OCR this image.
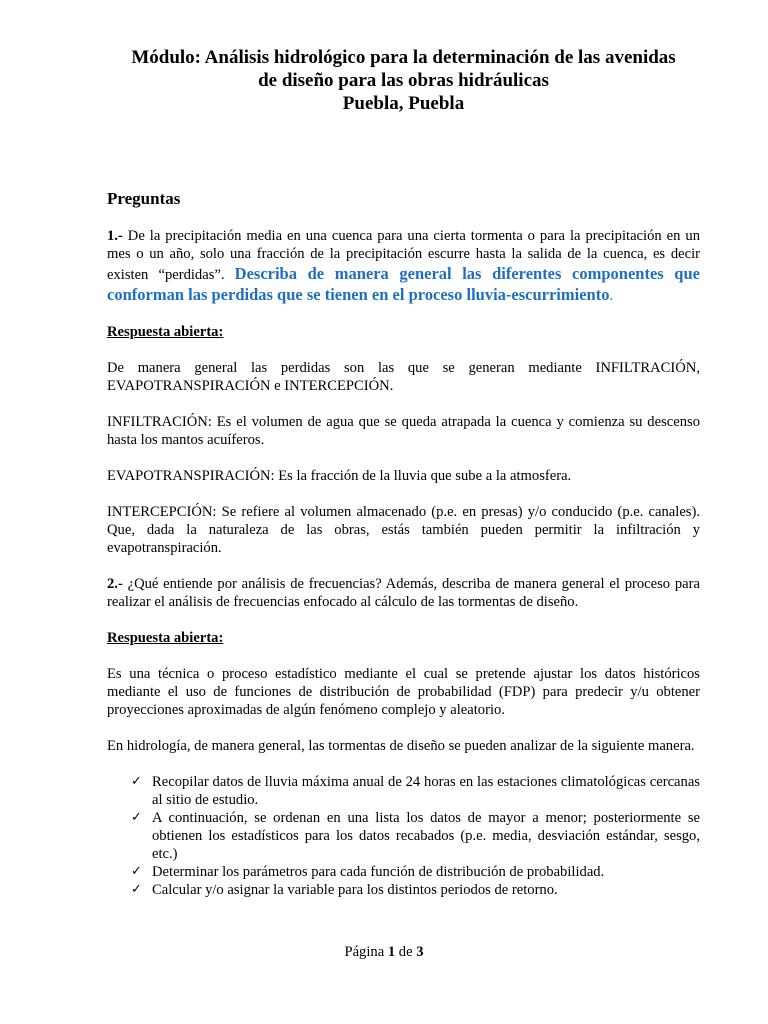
Módulo: Análisis hidrológico para la determinación de las avenidas
de diseño para las obras hidráulicas
Puebla, Puebla
Preguntas

1.- De la precipitación media en una cuenca para una cierta tormenta o para la precipitación en un mes o un año, solo una fracción de la precipitación escurre hasta la salida de la cuenca, es decir existen “perdidas”. Describa de manera general las diferentes componentes que conforman las perdidas que se tienen en el proceso lluvia-escurrimiento.

Respuesta abierta:

De manera general las perdidas son las que se generan mediante INFILTRACIÓN, EVAPOTRANSPIRACIÓN e INTERCEPCIÓN.

INFILTRACIÓN: Es el volumen de agua que se queda atrapada la cuenca y comienza su descenso hasta los mantos acuíferos.

EVAPOTRANSPIRACIÓN: Es la fracción de la lluvia que sube a la atmosfera.

INTERCEPCIÓN: Se refiere al volumen almacenado (p.e. en presas) y/o conducido (p.e. canales). Que, dada la naturaleza de las obras, estás también pueden permitir la infiltración y evapotranspiración.

2.- ¿Qué entiende por análisis de frecuencias? Además, describa de manera general el proceso para realizar el análisis de frecuencias enfocado al cálculo de las tormentas de diseño.

Respuesta abierta:

Es una técnica o proceso estadístico mediante el cual se pretende ajustar los datos históricos mediante el uso de funciones de distribución de probabilidad (FDP) para predecir y/u obtener proyecciones aproximadas de algún fenómeno complejo y aleatorio.

En hidrología, de manera general, las tormentas de diseño se pueden analizar de la siguiente manera.

✓ Recopilar datos de lluvia máxima anual de 24 horas en las estaciones climatológicas cercanas al sitio de estudio.
✓ A continuación, se ordenan en una lista los datos de mayor a menor; posteriormente se obtienen los estadísticos para los datos recabados (p.e. media, desviación estándar, sesgo, etc.)
✓ Determinar los parámetros para cada función de distribución de probabilidad.
✓ Calcular y/o asignar la variable para los distintos periodos de retorno.
Página 1 de 3
